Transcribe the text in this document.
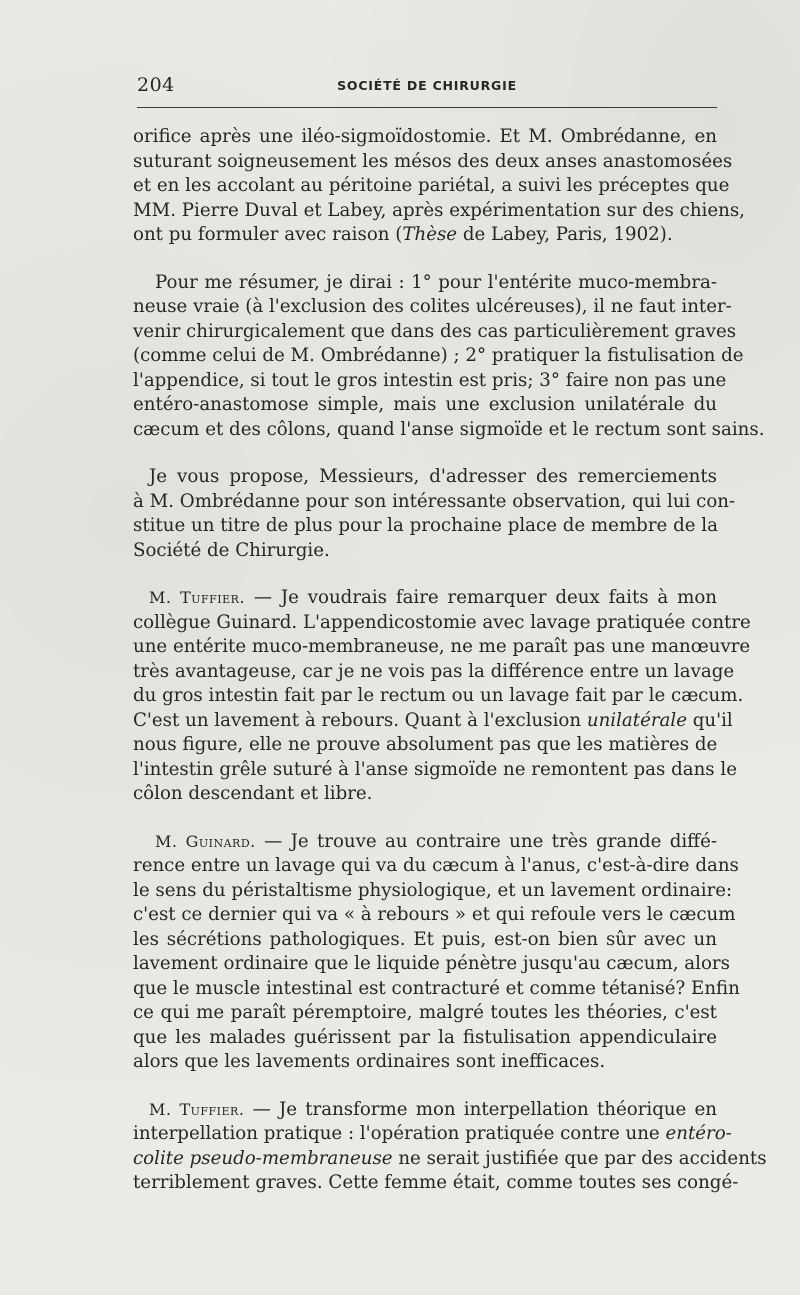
204	SOCIÉTÉ DE CHIRURGIE
orifice après une iléo-sigmoïdostomie. Et M. Ombrédanne, en
suturant soigneusement les mésos des deux anses anastomosées
et en les accolant au péritoine pariétal, a suivi les préceptes que
MM. Pierre Duval et Labey, après expérimentation sur des chiens,
ont pu formuler avec raison (Thèse de Labey, Paris, 1902).
Pour me résumer, je dirai : 1° pour l'entérite muco-membra-
neuse vraie (à l'exclusion des colites ulcéreuses), il ne faut inter-
venir chirurgicalement que dans des cas particulièrement graves
(comme celui de M. Ombrédanne) ; 2° pratiquer la fistulisation de
l'appendice, si tout le gros intestin est pris; 3° faire non pas une
entéro-anastomose simple, mais une exclusion unilatérale du
cæcum et des côlons, quand l'anse sigmoïde et le rectum sont sains.
Je vous propose, Messieurs, d'adresser des remerciements
à M. Ombrédanne pour son intéressante observation, qui lui con-
stitue un titre de plus pour la prochaine place de membre de la
Société de Chirurgie.
M. Tuffier. — Je voudrais faire remarquer deux faits à mon
collègue Guinard. L'appendicostomie avec lavage pratiquée contre
une entérite muco-membraneuse, ne me paraît pas une manœuvre
très avantageuse, car je ne vois pas la différence entre un lavage
du gros intestin fait par le rectum ou un lavage fait par le cæcum.
C'est un lavement à rebours. Quant à l'exclusion unilatérale qu'il
nous figure, elle ne prouve absolument pas que les matières de
l'intestin grêle suturé à l'anse sigmoïde ne remontent pas dans le
côlon descendant et libre.
M. Guinard. — Je trouve au contraire une très grande diffé-
rence entre un lavage qui va du cæcum à l'anus, c'est-à-dire dans
le sens du péristaltisme physiologique, et un lavement ordinaire:
c'est ce dernier qui va « à rebours » et qui refoule vers le cæcum
les sécrétions pathologiques. Et puis, est-on bien sûr avec un
lavement ordinaire que le liquide pénètre jusqu'au cæcum, alors
que le muscle intestinal est contracturé et comme tétanisé? Enfin
ce qui me paraît péremptoire, malgré toutes les théories, c'est
que les malades guérissent par la fistulisation appendiculaire
alors que les lavements ordinaires sont inefficaces.
M. Tuffier. — Je transforme mon interpellation théorique en
interpellation pratique : l'opération pratiquée contre une entéro-
colite pseudo-membraneuse ne serait justifiée que par des accidents
terriblement graves. Cette femme était, comme toutes ses congé-
